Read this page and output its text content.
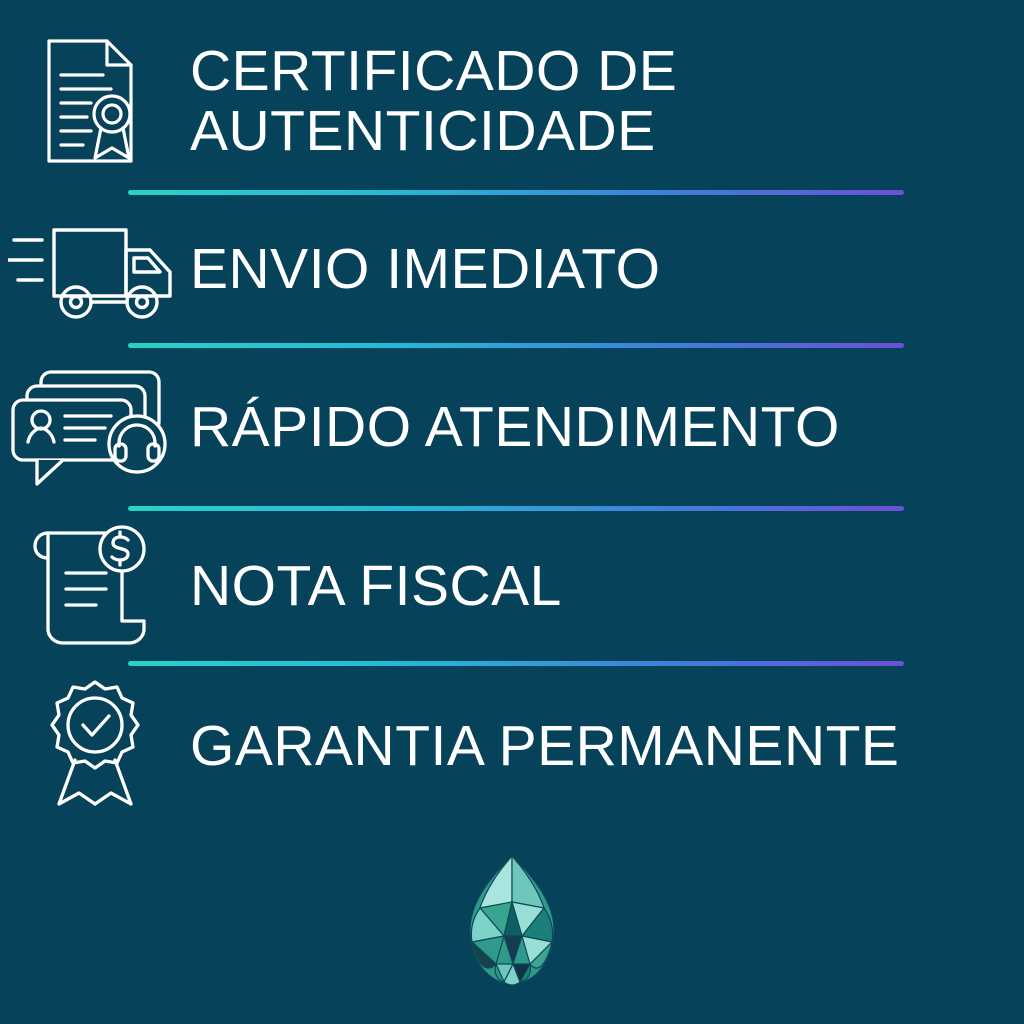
CERTIFICADO DE AUTENTICIDADE
ENVIO IMEDIATO
RÁPIDO ATENDIMENTO
NOTA FISCAL
GARANTIA PERMANENTE
